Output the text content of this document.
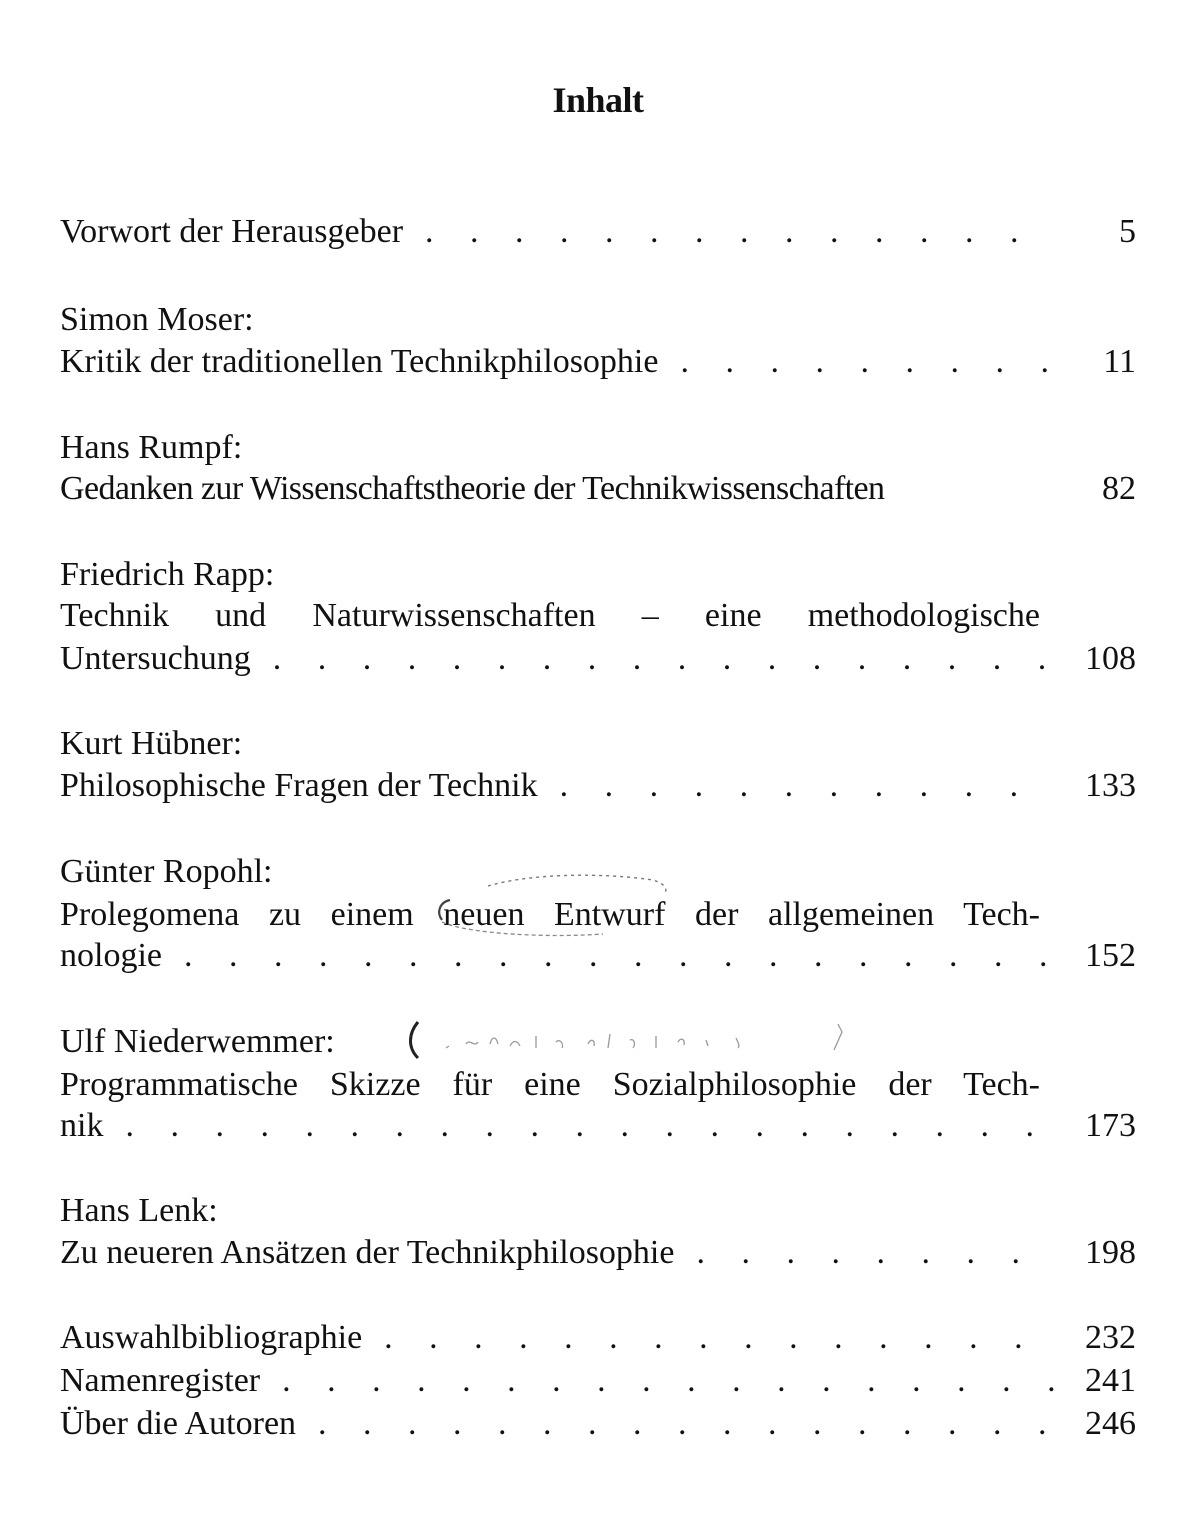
Inhalt
Vorwort der Herausgeber . . .	5
Simon Moser:
Kritik der traditionellen Technikphilosophie . . .	11
Hans Rumpf:
Gedanken zur Wissenschaftstheorie der Technikwissenschaften	82
Friedrich Rapp:
Technik und Naturwissenschaften – eine methodologische
Untersuchung . . .	108
Kurt Hübner:
Philosophische Fragen der Technik . . .	133
Günter Ropohl:
Prolegomena zu einem neuen Entwurf der allgemeinen Tech-
nologie . . .	152
Ulf Niederwemmer:
Programmatische Skizze für eine Sozialphilosophie der Tech-
nik . . .	173
Hans Lenk:
Zu neueren Ansätzen der Technikphilosophie . . .	198
Auswahlbibliographie . . .	232
Namenregister . . .	241
Über die Autoren . . .	246
